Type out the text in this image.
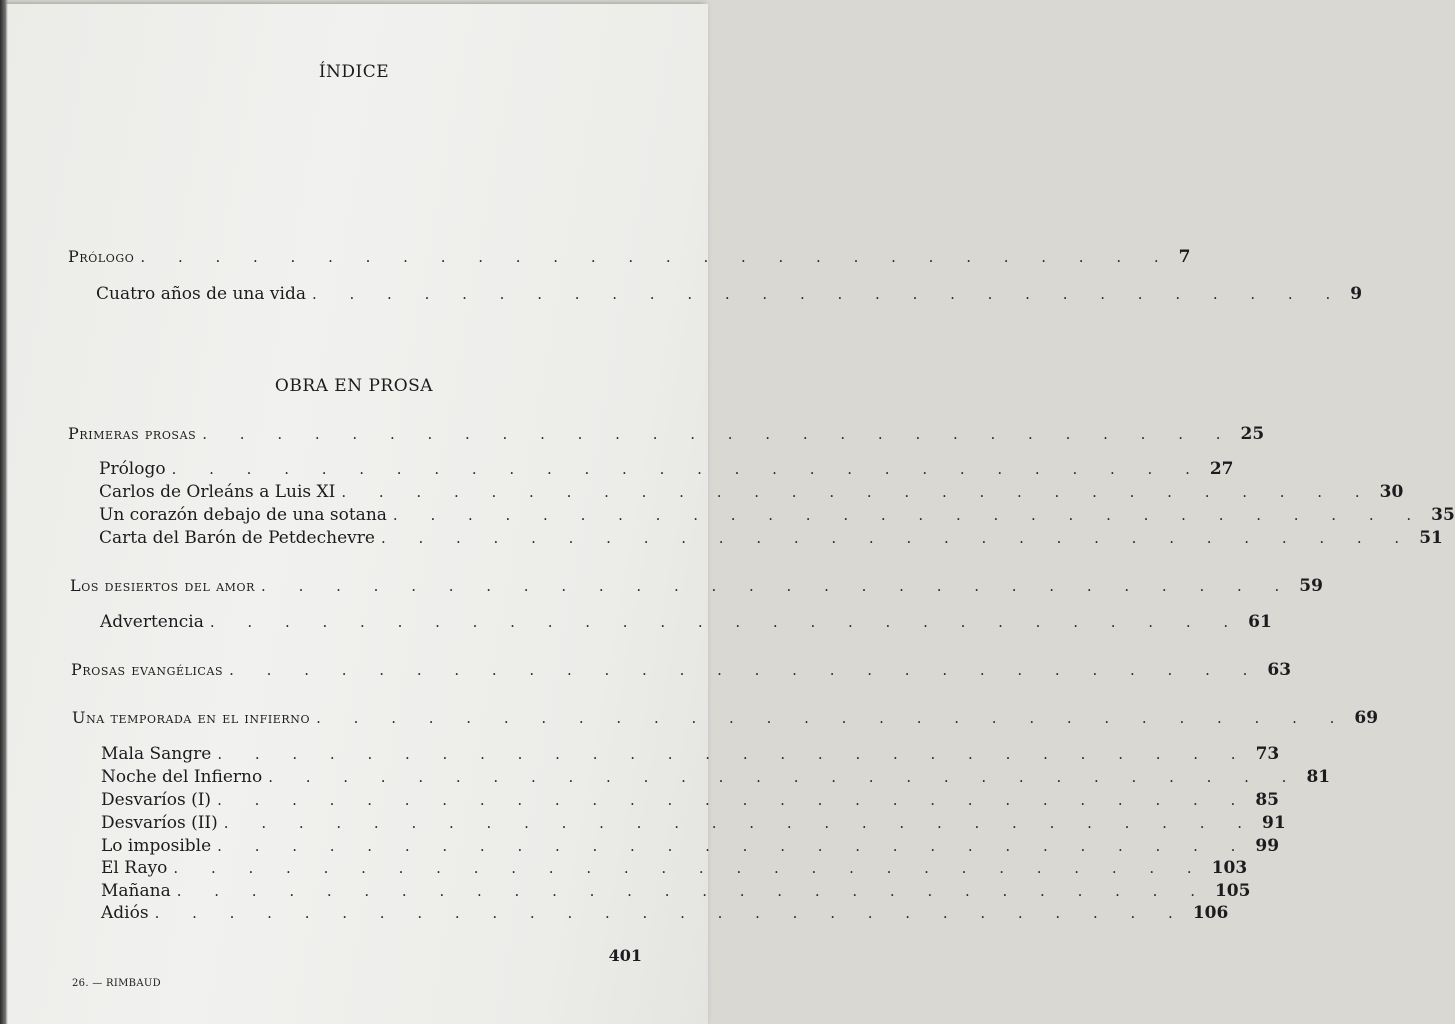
ÍNDICE
OBRA EN PROSA
Prólogo . . . . . . . . . . . . . . . . . . . . . . . . . . . . 7
Cuatro años de una vida . . . . . . . . . . . . . . . . . . . . . . . . . . . . 9
Primeras prosas . . . . . . . . . . . . . . . . . . . . . . . . . . . . 25
Prólogo . . . . . . . . . . . . . . . . . . . . . . . . . . . . 27
Carlos de Orleáns a Luis XI . . . . . . . . . . . . . . . . . . . . . . . . . . . . 30
Un corazón debajo de una sotana . . . . . . . . . . . . . . . . . . . . . . . . . . . . 35
Carta del Barón de Petdechevre . . . . . . . . . . . . . . . . . . . . . . . . . . . . 51
Los desiertos del amor . . . . . . . . . . . . . . . . . . . . . . . . . . . . 59
Advertencia . . . . . . . . . . . . . . . . . . . . . . . . . . . . 61
Prosas evangélicas . . . . . . . . . . . . . . . . . . . . . . . . . . . . 63
Una temporada en el infierno . . . . . . . . . . . . . . . . . . . . . . . . . . . . 69
Mala Sangre . . . . . . . . . . . . . . . . . . . . . . . . . . . . 73
Noche del Infierno . . . . . . . . . . . . . . . . . . . . . . . . . . . . 81
Desvaríos (I) . . . . . . . . . . . . . . . . . . . . . . . . . . . . 85
Desvaríos (II) . . . . . . . . . . . . . . . . . . . . . . . . . . . . 91
Lo imposible . . . . . . . . . . . . . . . . . . . . . . . . . . . . 99
El Rayo . . . . . . . . . . . . . . . . . . . . . . . . . . . . 103
Mañana . . . . . . . . . . . . . . . . . . . . . . . . . . . . 105
Adiós . . . . . . . . . . . . . . . . . . . . . . . . . . . . 106
401
26. — RIMBAUD
